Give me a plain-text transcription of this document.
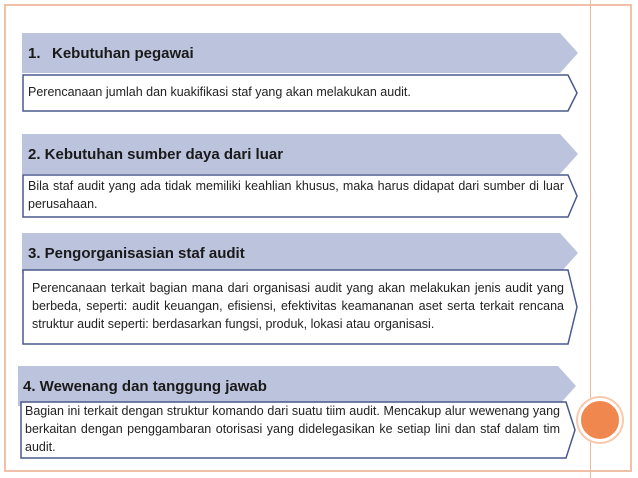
1. Kebutuhan pegawai
Perencanaan jumlah dan kuakifikasi staf yang akan melakukan audit.
2. Kebutuhan sumber daya dari luar
Bila staf audit yang ada tidak memiliki keahlian khusus, maka harus didapat dari sumber di luar perusahaan.
3. Pengorganisasian staf audit
Perencanaan terkait bagian mana dari organisasi audit yang akan melakukan jenis audit yang berbeda, seperti: audit keuangan, efisiensi, efektivitas keamananan aset serta terkait rencana struktur audit seperti: berdasarkan fungsi, produk, lokasi atau organisasi.
4. Wewenang dan tanggung jawab
Bagian ini terkait dengan struktur komando dari suatu tiim audit. Mencakup alur wewenang yang berkaitan dengan penggambaran otorisasi yang didelegasikan ke setiap lini dan staf dalam tim audit.
